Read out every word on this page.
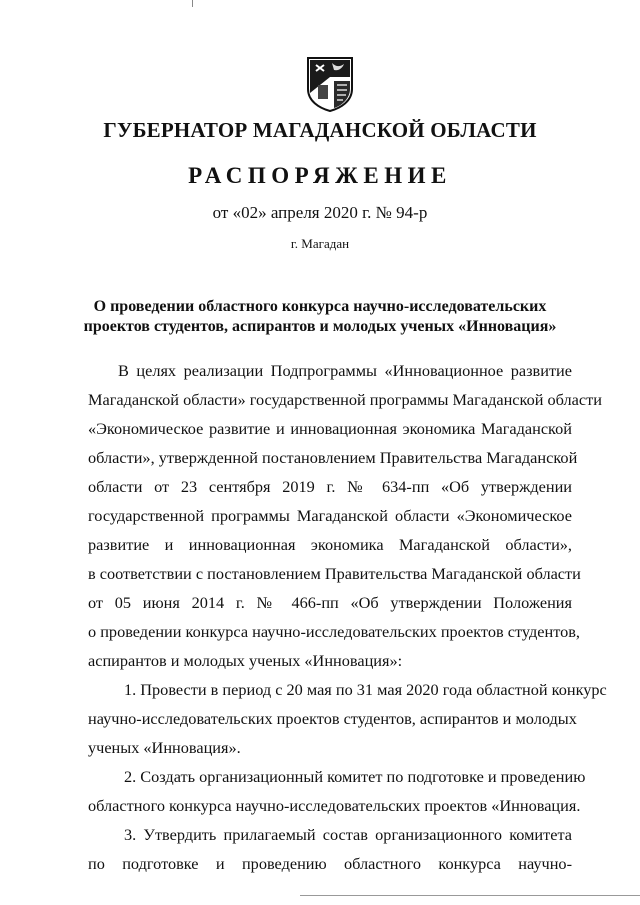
ГУБЕРНАТОР МАГАДАНСКОЙ ОБЛАСТИ
РАСПОРЯЖЕНИЕ
от «02» апреля 2020 г. № 94-р
г. Магадан
О проведении областного конкурса научно-исследовательских
проектов студентов, аспирантов и молодых ученых «Инновация»
В целях реализации Подпрограммы «Инновационное развитие
Магаданской области» государственной программы Магаданской области
«Экономическое развитие и инновационная экономика Магаданской
области», утвержденной постановлением Правительства Магаданской
области от 23 сентября 2019 г. № 634-пп «Об утверждении
государственной программы Магаданской области «Экономическое
развитие и инновационная экономика Магаданской области»,
в соответствии с постановлением Правительства Магаданской области
от 05 июня 2014 г. № 466-пп «Об утверждении Положения
о проведении конкурса научно-исследовательских проектов студентов,
аспирантов и молодых ученых «Инновация»:
1. Провести в период с 20 мая по 31 мая 2020 года областной конкурс
научно-исследовательских проектов студентов, аспирантов и молодых
ученых «Инновация».
2. Создать организационный комитет по подготовке и проведению
областного конкурса научно-исследовательских проектов «Инновация.
3. Утвердить прилагаемый состав организационного комитета
по подготовке и проведению областного конкурса научно-
